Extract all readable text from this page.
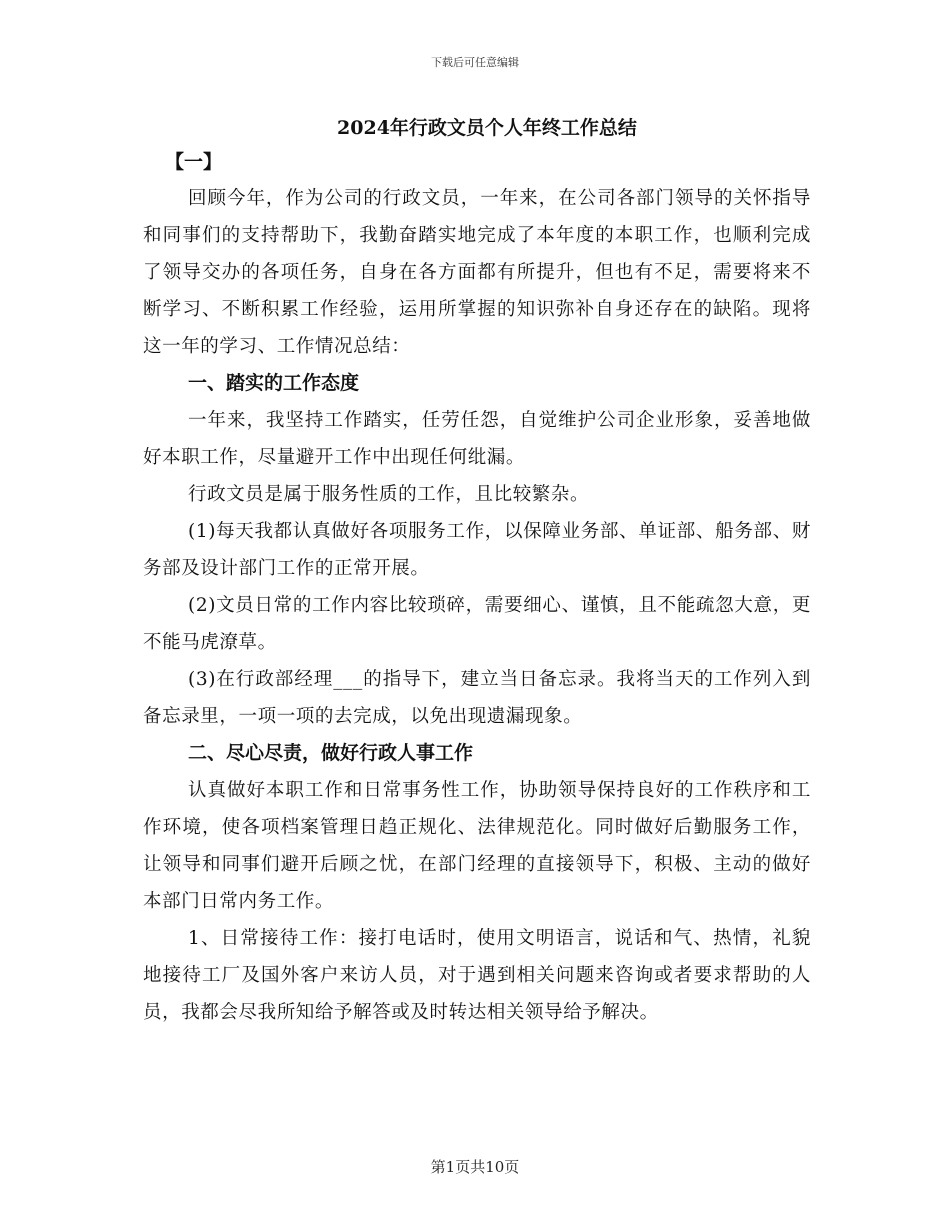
下载后可任意编辑
2024年行政文员个人年终工作总结
【一】

回顾今年，作为公司的行政文员，一年来，在公司各部门领导的关怀指导和同事们的支持帮助下，我勤奋踏实地完成了本年度的本职工作，也顺利完成了领导交办的各项任务，自身在各方面都有所提升，但也有不足，需要将来不断学习、不断积累工作经验，运用所掌握的知识弥补自身还存在的缺陷。现将这一年的学习、工作情况总结：

一、踏实的工作态度

一年来，我坚持工作踏实，任劳任怨，自觉维护公司企业形象，妥善地做好本职工作，尽量避开工作中出现任何纰漏。

行政文员是属于服务性质的工作，且比较繁杂。

(1)每天我都认真做好各项服务工作，以保障业务部、单证部、船务部、财务部及设计部门工作的正常开展。

(2)文员日常的工作内容比较琐碎，需要细心、谨慎，且不能疏忽大意，更不能马虎潦草。

(3)在行政部经理___的指导下，建立当日备忘录。我将当天的工作列入到备忘录里，一项一项的去完成，以免出现遗漏现象。

二、尽心尽责，做好行政人事工作

认真做好本职工作和日常事务性工作，协助领导保持良好的工作秩序和工作环境，使各项档案管理日趋正规化、法律规范化。同时做好后勤服务工作，让领导和同事们避开后顾之忧，在部门经理的直接领导下，积极、主动的做好本部门日常内务工作。

1、日常接待工作：接打电话时，使用文明语言，说话和气、热情，礼貌地接待工厂及国外客户来访人员，对于遇到相关问题来咨询或者要求帮助的人员，我都会尽我所知给予解答或及时转达相关领导给予解决。

第1页共10页
